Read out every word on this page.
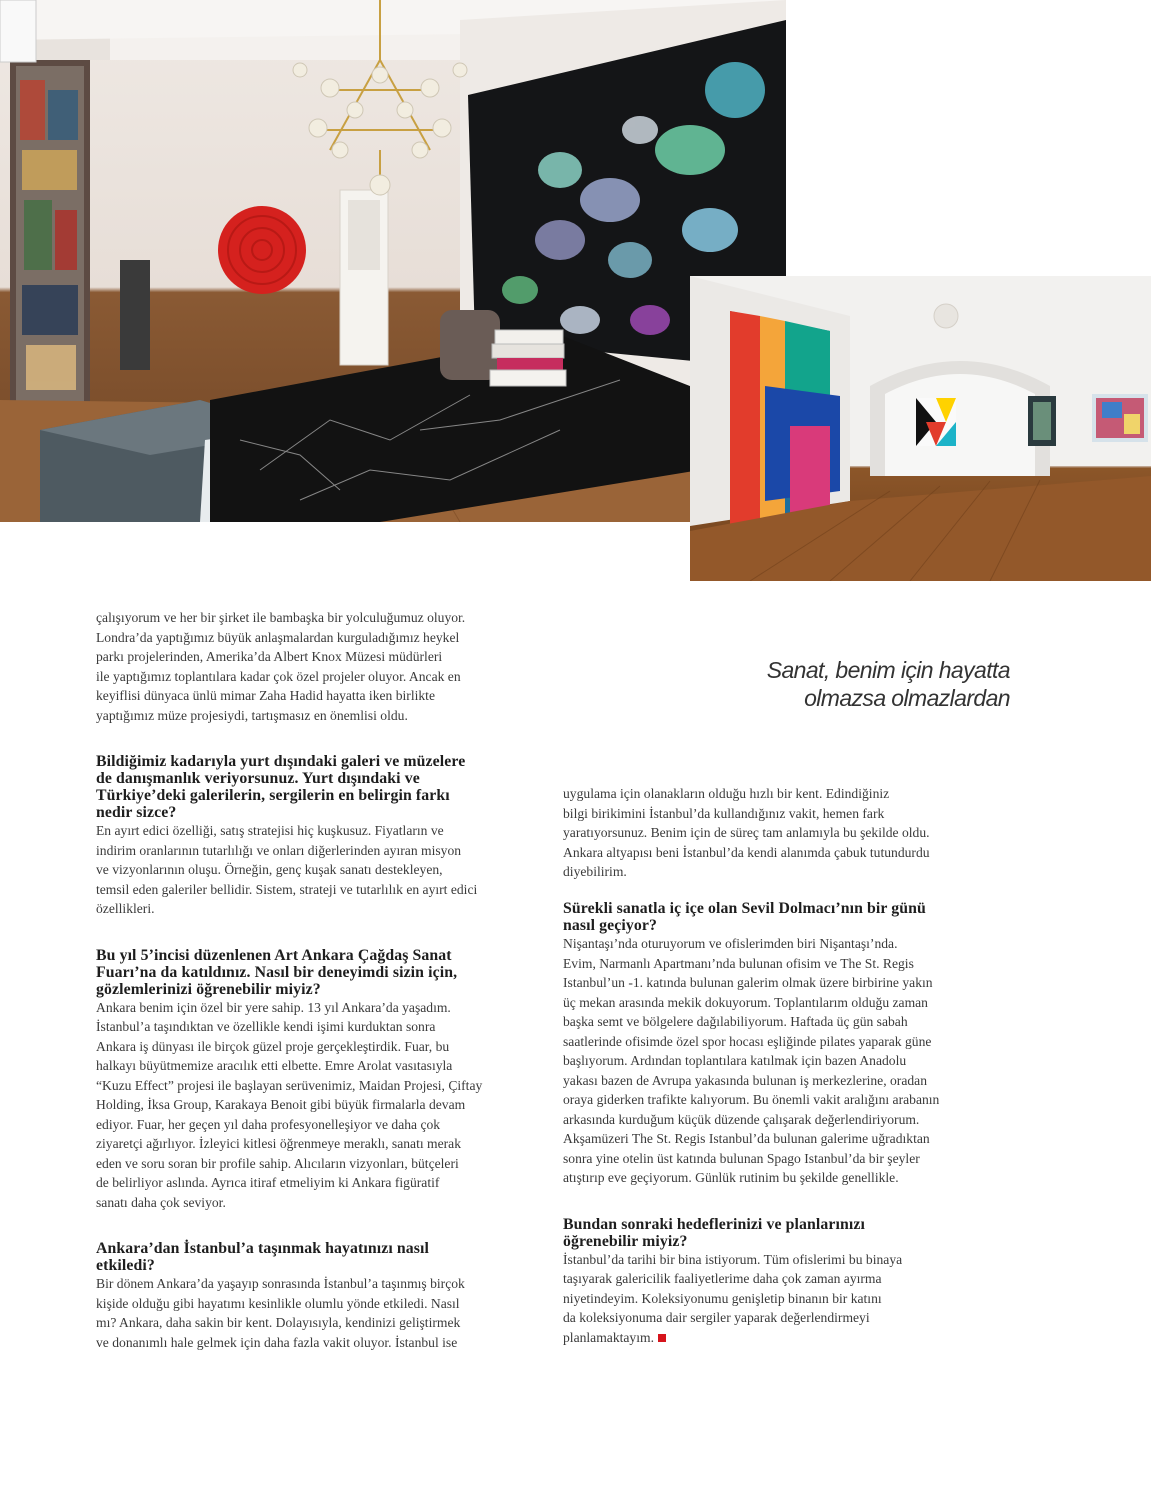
Sanat, benim için hayatta
olmazsa olmazlardan

çalışıyorum ve her bir şirket ile bambaşka bir yolculuğumuz oluyor.
Londra’da yaptığımız büyük anlaşmalardan kurguladığımız heykel
parkı projelerinden, Amerika’da Albert Knox Müzesi müdürleri
ile yaptığımız toplantılara kadar çok özel projeler oluyor. Ancak en
keyiflisi dünyaca ünlü mimar Zaha Hadid hayatta iken birlikte
yaptığımız müze projesiydi, tartışmasız en önemlisi oldu.

Bildiğimiz kadarıyla yurt dışındaki galeri ve müzelere
de danışmanlık veriyorsunuz. Yurt dışındaki ve
Türkiye’deki galerilerin, sergilerin en belirgin farkı
nedir sizce?

En ayırt edici özelliği, satış stratejisi hiç kuşkusuz. Fiyatların ve
indirim oranlarının tutarlılığı ve onları diğerlerinden ayıran misyon
ve vizyonlarının oluşu. Örneğin, genç kuşak sanatı destekleyen,
temsil eden galeriler bellidir. Sistem, strateji ve tutarlılık en ayırt edici
özellikleri.

Bu yıl 5’incisi düzenlenen Art Ankara Çağdaş Sanat
Fuarı’na da katıldınız. Nasıl bir deneyimdi sizin için,
gözlemlerinizi öğrenebilir miyiz?

Ankara benim için özel bir yere sahip. 13 yıl Ankara’da yaşadım.
İstanbul’a taşındıktan ve özellikle kendi işimi kurduktan sonra
Ankara iş dünyası ile birçok güzel proje gerçekleştirdik. Fuar, bu
halkayı büyütmemize aracılık etti elbette. Emre Arolat vasıtasıyla
“Kuzu Effect” projesi ile başlayan serüvenimiz, Maidan Projesi, Çiftay
Holding, İksa Group, Karakaya Benoit gibi büyük firmalarla devam
ediyor. Fuar, her geçen yıl daha profesyonelleşiyor ve daha çok
ziyaretçi ağırlıyor. İzleyici kitlesi öğrenmeye meraklı, sanatı merak
eden ve soru soran bir profile sahip. Alıcıların vizyonları, bütçeleri
de belirliyor aslında. Ayrıca itiraf etmeliyim ki Ankara figüratif
sanatı daha çok seviyor.

Ankara’dan İstanbul’a taşınmak hayatınızı nasıl
etkiledi?

Bir dönem Ankara’da yaşayıp sonrasında İstanbul’a taşınmış birçok
kişide olduğu gibi hayatımı kesinlikle olumlu yönde etkiledi. Nasıl
mı? Ankara, daha sakin bir kent. Dolayısıyla, kendinizi geliştirmek
ve donanımlı hale gelmek için daha fazla vakit oluyor. İstanbul ise

uygulama için olanakların olduğu hızlı bir kent. Edindiğiniz
bilgi birikimini İstanbul’da kullandığınız vakit, hemen fark
yaratıyorsunuz. Benim için de süreç tam anlamıyla bu şekilde oldu.
Ankara altyapısı beni İstanbul’da kendi alanımda çabuk tutundurdu
diyebilirim.

Sürekli sanatla iç içe olan Sevil Dolmacı’nın bir günü
nasıl geçiyor?

Nişantaşı’nda oturuyorum ve ofislerimden biri Nişantaşı’nda.
Evim, Narmanlı Apartmanı’nda bulunan ofisim ve The St. Regis
Istanbul’un -1. katında bulunan galerim olmak üzere birbirine yakın
üç mekan arasında mekik dokuyorum. Toplantılarım olduğu zaman
başka semt ve bölgelere dağılabiliyorum. Haftada üç gün sabah
saatlerinde ofisimde özel spor hocası eşliğinde pilates yaparak güne
başlıyorum. Ardından toplantılara katılmak için bazen Anadolu
yakası bazen de Avrupa yakasında bulunan iş merkezlerine, oradan
oraya giderken trafikte kalıyorum. Bu önemli vakit aralığını arabanın
arkasında kurduğum küçük düzende çalışarak değerlendiriyorum.
Akşamüzeri The St. Regis Istanbul’da bulunan galerime uğradıktan
sonra yine otelin üst katında bulunan Spago Istanbul’da bir şeyler
atıştırıp eve geçiyorum. Günlük rutinim bu şekilde genellikle.

Bundan sonraki hedeflerinizi ve planlarınızı
öğrenebilir miyiz?

İstanbul’da tarihi bir bina istiyorum. Tüm ofislerimi bu binaya
taşıyarak galericilik faaliyetlerime daha çok zaman ayırma
niyetindeyim. Koleksiyonumu genişletip binanın bir katını
da koleksiyonuma dair sergiler yaparak değerlendirmeyi
planlamaktayım.
